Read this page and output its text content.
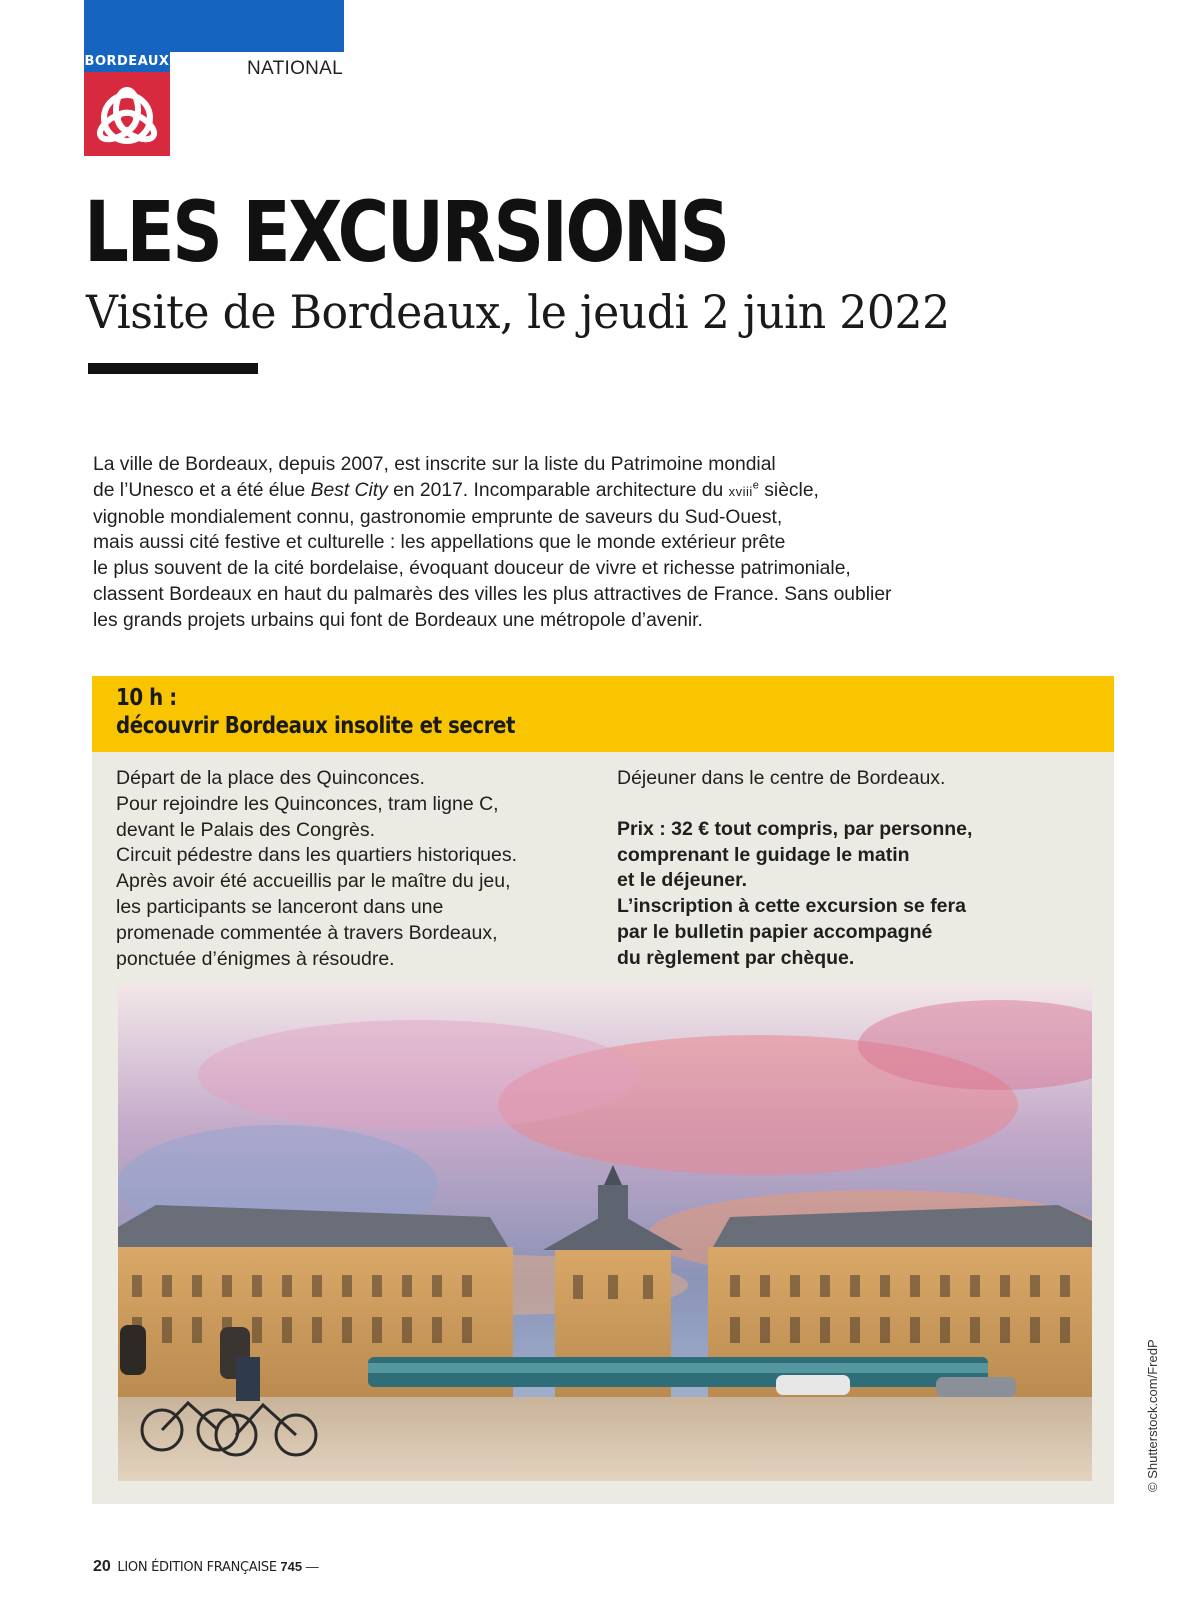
BORDEAUX	NATIONAL
LES EXCURSIONS
Visite de Bordeaux, le jeudi 2 juin 2022
La ville de Bordeaux, depuis 2007, est inscrite sur la liste du Patrimoine mondial
de l’Unesco et a été élue Best City en 2017. Incomparable architecture du xviii$^e$ siècle,
vignoble mondialement connu, gastronomie emprunte de saveurs du Sud-Ouest,
mais aussi cité festive et culturelle : les appellations que le monde extérieur prête
le plus souvent de la cité bordelaise, évoquant douceur de vivre et richesse patrimoniale,
classent Bordeaux en haut du palmarès des villes les plus attractives de France. Sans oublier
les grands projets urbains qui font de Bordeaux une métropole d’avenir.
10 h :
découvrir Bordeaux insolite et secret
Départ de la place des Quinconces.
Pour rejoindre les Quinconces, tram ligne C,
devant le Palais des Congrès.
Circuit pédestre dans les quartiers historiques.
Après avoir été accueillis par le maître du jeu,
les participants se lanceront dans une
promenade commentée à travers Bordeaux,
ponctuée d’énigmes à résoudre.
Déjeuner dans le centre de Bordeaux.
Prix : 32 € tout compris, par personne,
comprenant le guidage le matin
et le déjeuner.
L’inscription à cette excursion se fera
par le bulletin papier accompagné
du règlement par chèque.
© Shutterstock.com/FredP
20 LION ÉDITION FRANÇAISE 745 —
